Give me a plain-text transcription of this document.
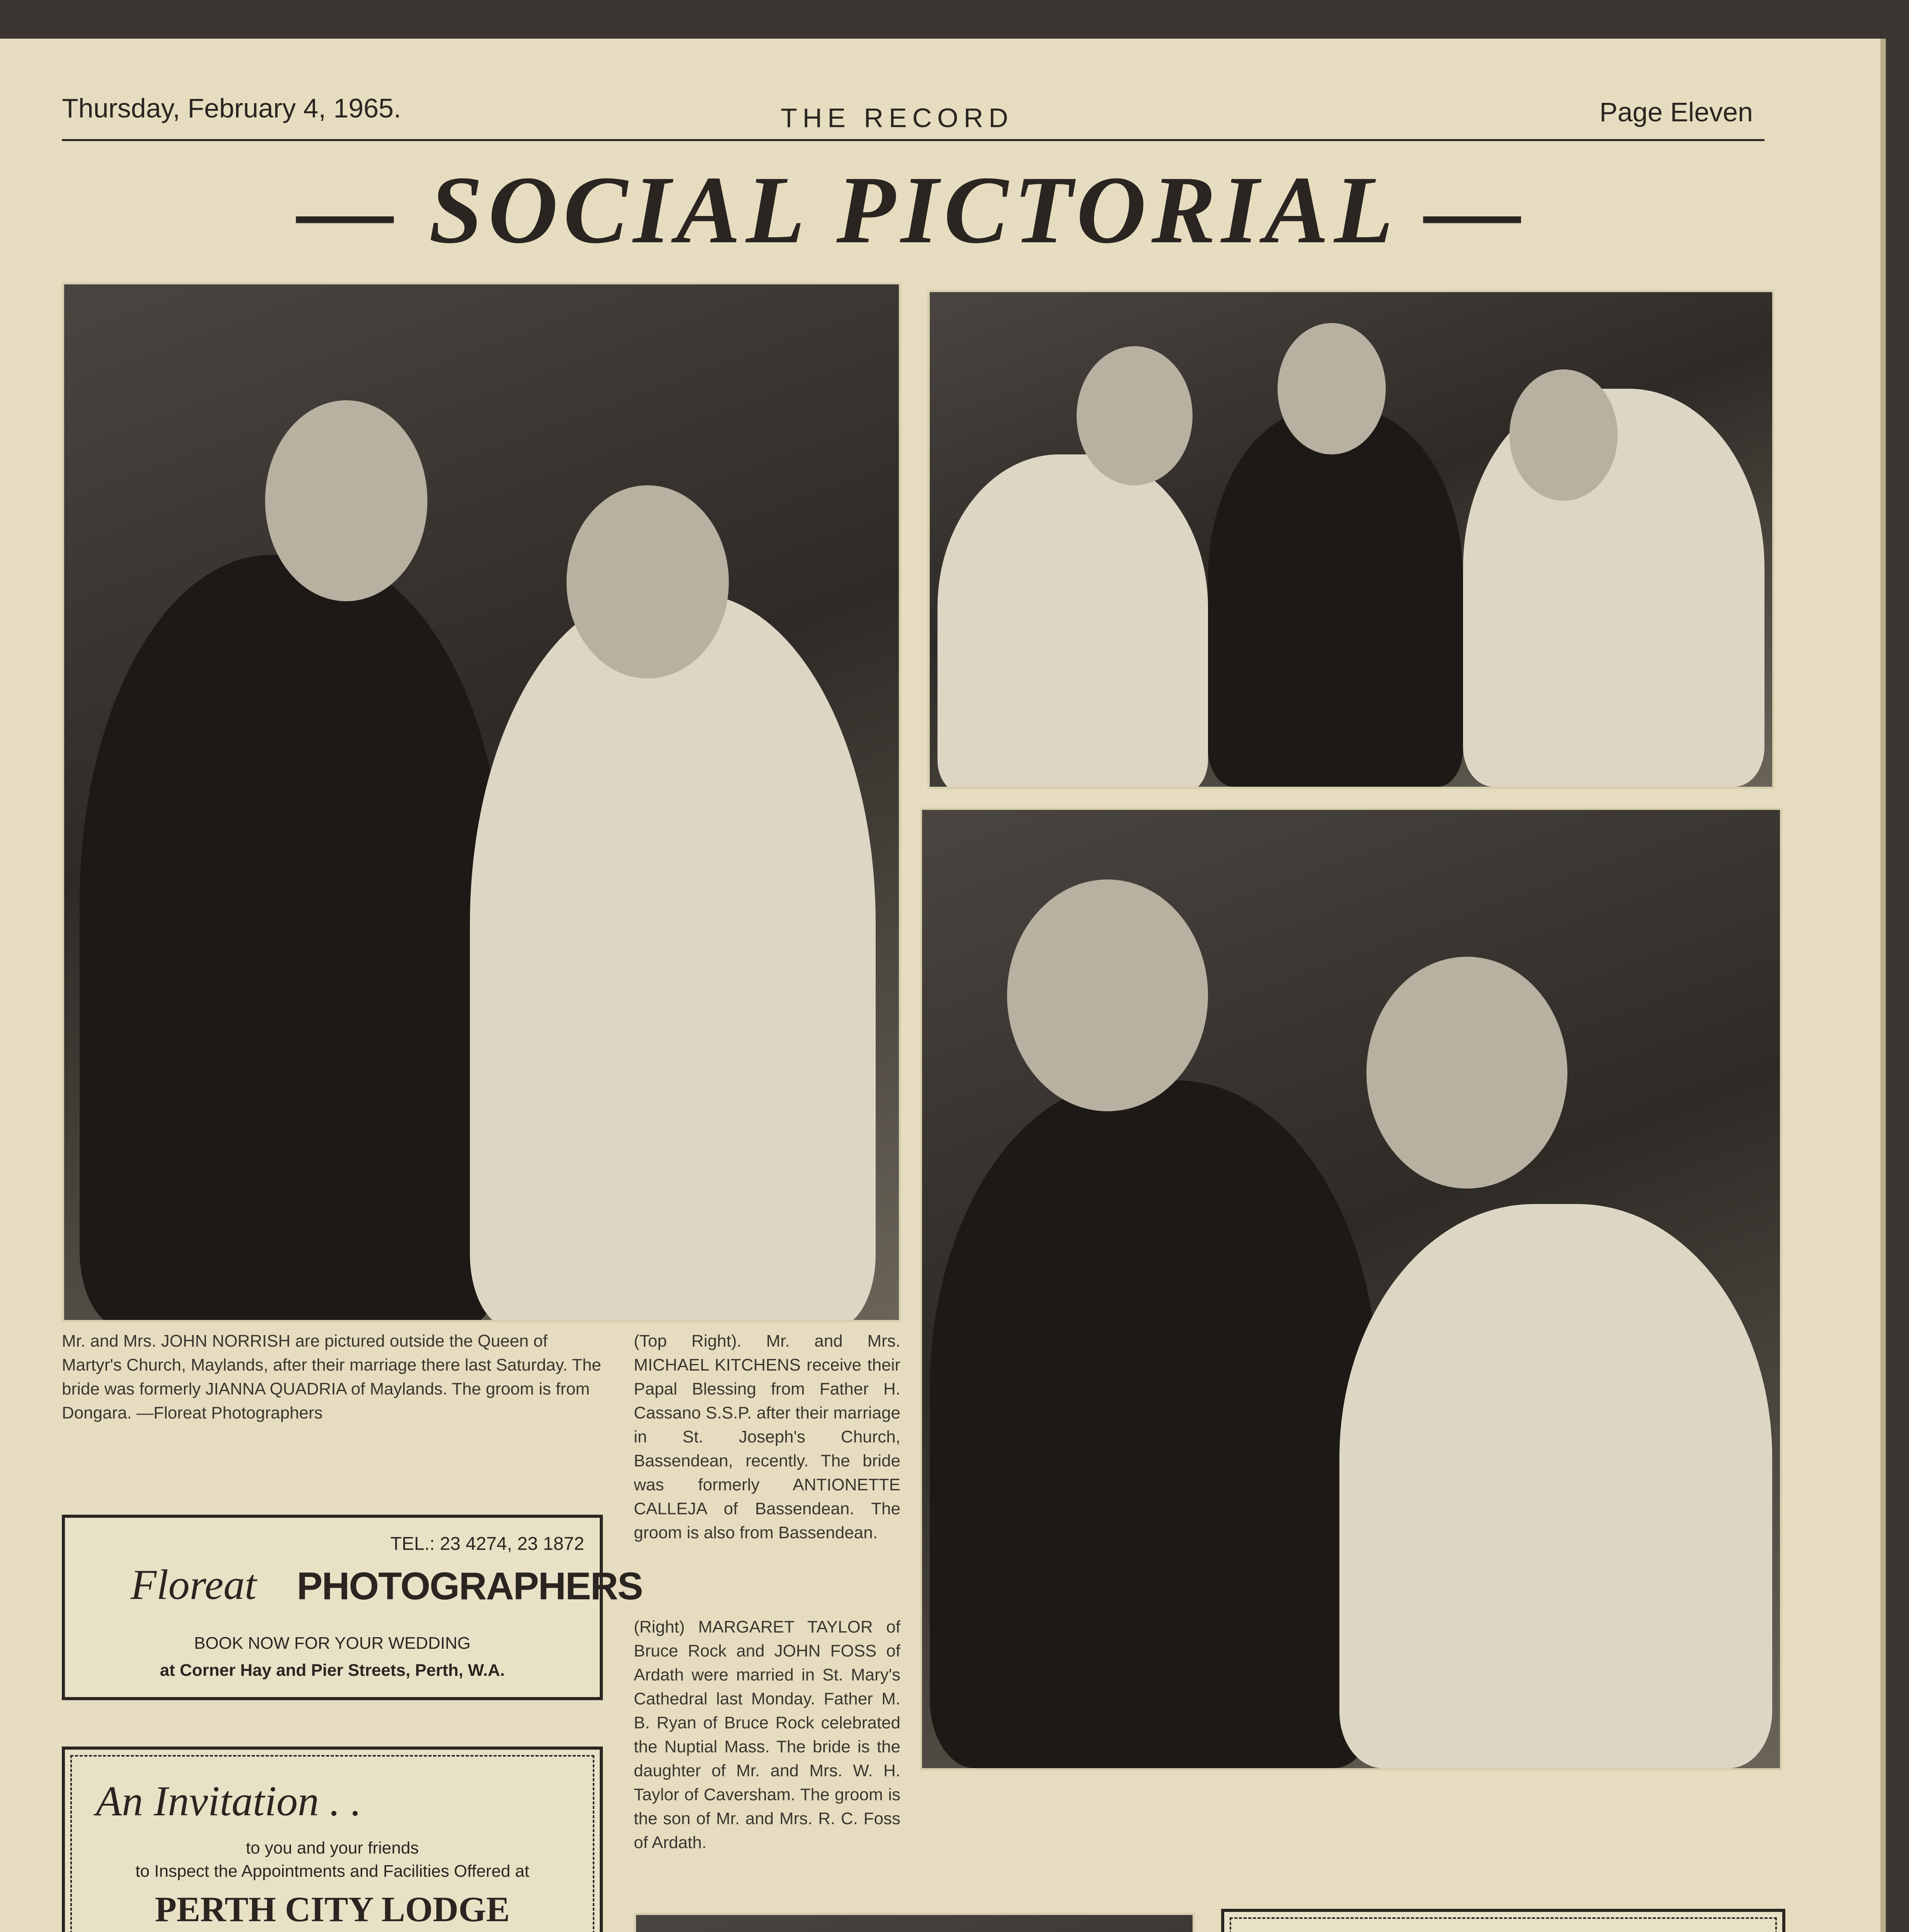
Thursday, February 4, 1965.	THE RECORD	Page Eleven
— SOCIAL PICTORIAL —
Mr. and Mrs. JOHN NORRISH are pictured outside the Queen of Martyr's Church, Maylands, after their marriage there last Saturday. The bride was formerly JIANNA QUADRIA of Maylands. The groom is from Dongara. —Floreat Photographers
(Top Right). Mr. and Mrs. MICHAEL KITCHENS receive their Papal Blessing from Father H. Cassano S.S.P. after their marriage in St. Joseph's Church, Bassendean, recently. The bride was formerly ANTIONETTE CALLEJA of Bassendean. The groom is also from Bassendean.
(Right) MARGARET TAYLOR of Bruce Rock and JOHN FOSS of Ardath were married in St. Mary's Cathedral last Monday. Father M. B. Ryan of Bruce Rock celebrated the Nuptial Mass. The bride is the daughter of Mr. and Mrs. W. H. Taylor of Caversham. The groom is the son of Mr. and Mrs. R. C. Foss of Ardath.
TEL.: 23 4274, 23 1872
Floreat PHOTOGRAPHERS
BOOK NOW FOR YOUR WEDDING
at Corner Hay and Pier Streets, Perth, W.A.
An Invitation . .
to you and your friends
to Inspect the Appointments and Facilities Offered at
PERTH CITY LODGE
